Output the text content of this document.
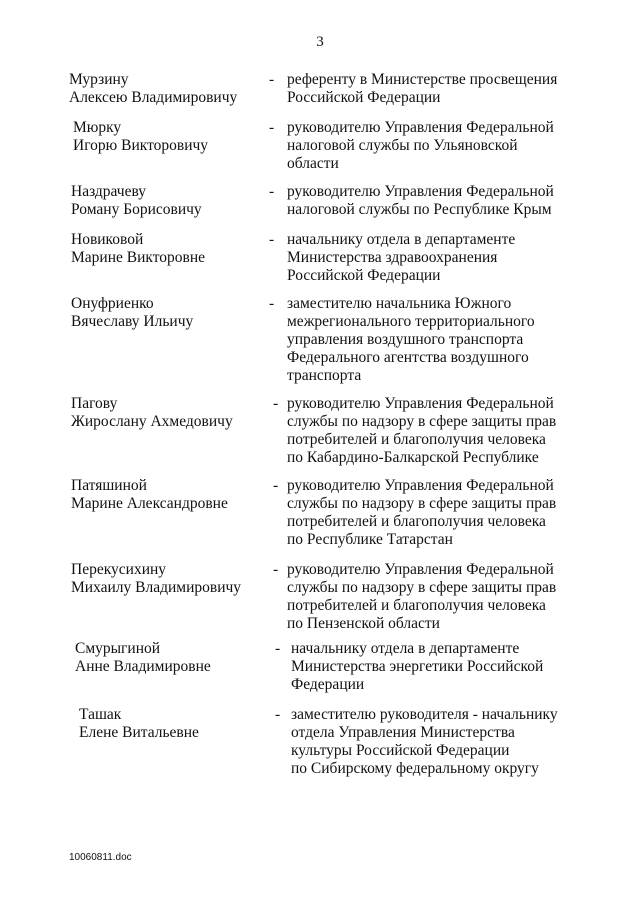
3
Мурзину
Алексею Владимировичу
- референту в Министерстве просвещения
Российской Федерации
Мюрку
Игорю Викторовичу
- руководителю Управления Федеральной
налоговой службы по Ульяновской
области
Наздрачеву
Роману Борисовичу
- руководителю Управления Федеральной
налоговой службы по Республике Крым
Новиковой
Марине Викторовне
- начальнику отдела в департаменте
Министерства здравоохранения
Российской Федерации
Онуфриенко
Вячеславу Ильичу
- заместителю начальника Южного
межрегионального территориального
управления воздушного транспорта
Федерального агентства воздушного
транспорта
Пагову
Жирослану Ахмедовичу
- руководителю Управления Федеральной
службы по надзору в сфере защиты прав
потребителей и благополучия человека
по Кабардино-Балкарской Республике
Патяшиной
Марине Александровне
- руководителю Управления Федеральной
службы по надзору в сфере защиты прав
потребителей и благополучия человека
по Республике Татарстан
Перекусихину
Михаилу Владимировичу
- руководителю Управления Федеральной
службы по надзору в сфере защиты прав
потребителей и благополучия человека
по Пензенской области
Смурыгиной
Анне Владимировне
- начальнику отдела в департаменте
Министерства энергетики Российской
Федерации
Ташак
Елене Витальевне
- заместителю руководителя - начальнику
отдела Управления Министерства
культуры Российской Федерации
по Сибирскому федеральному округу
10060811.doc
